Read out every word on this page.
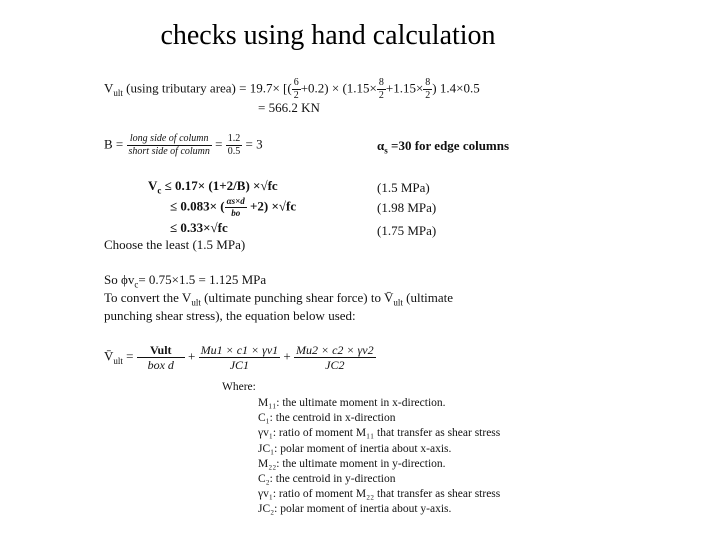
checks using hand calculation
$V_{ult}$ (using tributary area) = 19.7× [( $\frac{6}{2} +0.2) \times (1.15\times \frac{8}{2} +1.15\times \frac{8}{2}$ ) 1.4×0.5
= 566.2 KN
$B = \frac{\text{long side of column}}{\text{short side of column}} = \frac{1.2}{0.5} = 3$	$\alpha_s =30$ for edge columns
$V_c \le 0.17\times (1+2/B) \times√fc$	(1.5 MPa)
≤ 0.083× ( $\frac{\alpha s\times d}{bo} +2) \times√fc$	(1.98 MPa)
≤ 0.33×√fc	(1.75 MPa)
Choose the least (1.5 MPa)
So $\phi v_c= 0.75\times 1.5 = 1.125$ MPa
To convert the $V_{ult}$ (ultimate punching shear force) to $V̄_{ult}$ (ultimate
punching shear stress), the equation below used:
$V̄_{ult} = \frac{\text{Vult}}{\text{box d}} + \frac{Mu1 \times c1 \times \gamma v1}{JC1} + \frac{Mu2 \times c2 \times \gamma v2}{JC2}$
Where:
M₁₁: the ultimate moment in x-direction.
C₁: the centroid in x-direction
γv₁: ratio of moment M₁₁ that transfer as shear stress
JC₁: polar moment of inertia about x-axis.
M₂₂: the ultimate moment in y-direction.
C₂: the centroid in y-direction
γv₁: ratio of moment M₂₂ that transfer as shear stress
JC₂: polar moment of inertia about y-axis.
